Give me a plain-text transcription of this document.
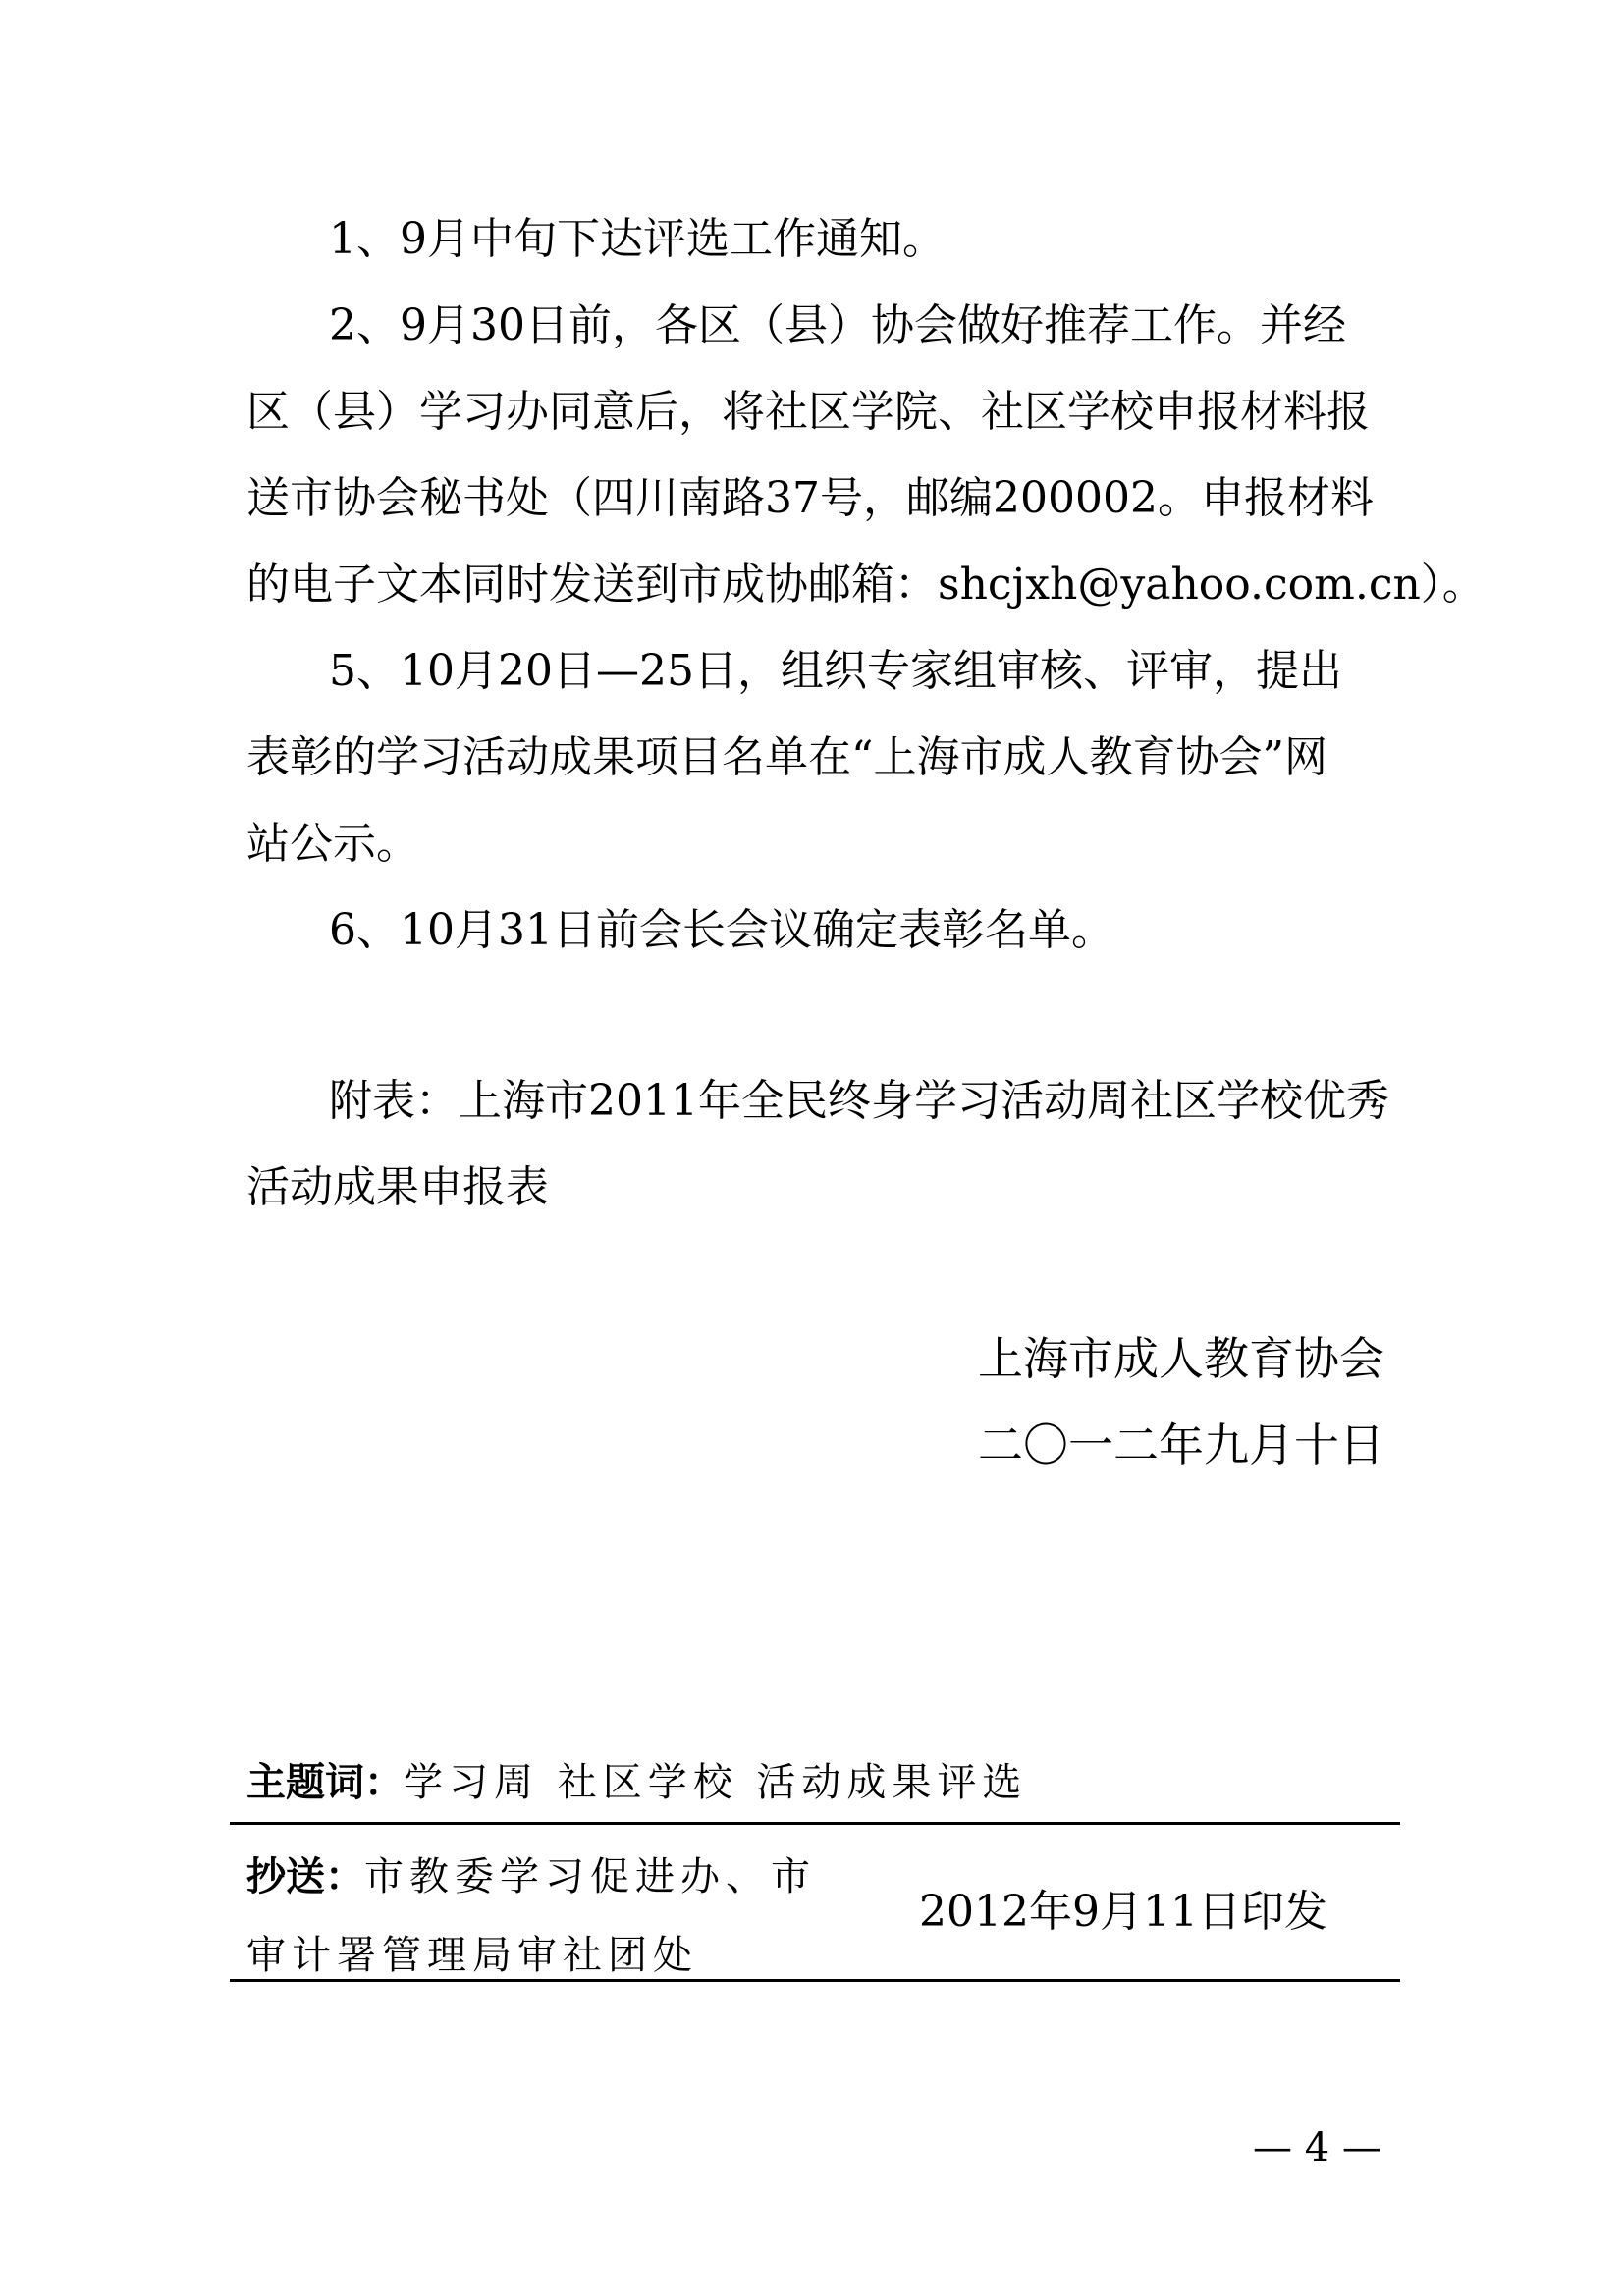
1、9月中旬下达评选工作通知。
2、9月30日前，各区（县）协会做好推荐工作。并经
区（县）学习办同意后，将社区学院、社区学校申报材料报
送市协会秘书处（四川南路37号，邮编200002。申报材料
的电子文本同时发送到市成协邮箱：shcjxh@yahoo.com.cn）。
5、10月20日—25日，组织专家组审核、评审，提出
表彰的学习活动成果项目名单在“上海市成人教育协会”网
站公示。
6、10月31日前会长会议确定表彰名单。
附表：上海市2011年全民终身学习活动周社区学校优秀
活动成果申报表
上海市成人教育协会
二〇一二年九月十日
主题词：学习周 社区学校 活动成果评选
抄送：市教委学习促进办、市
审计署管理局审社团处
2012年9月11日印发
— 4 —
